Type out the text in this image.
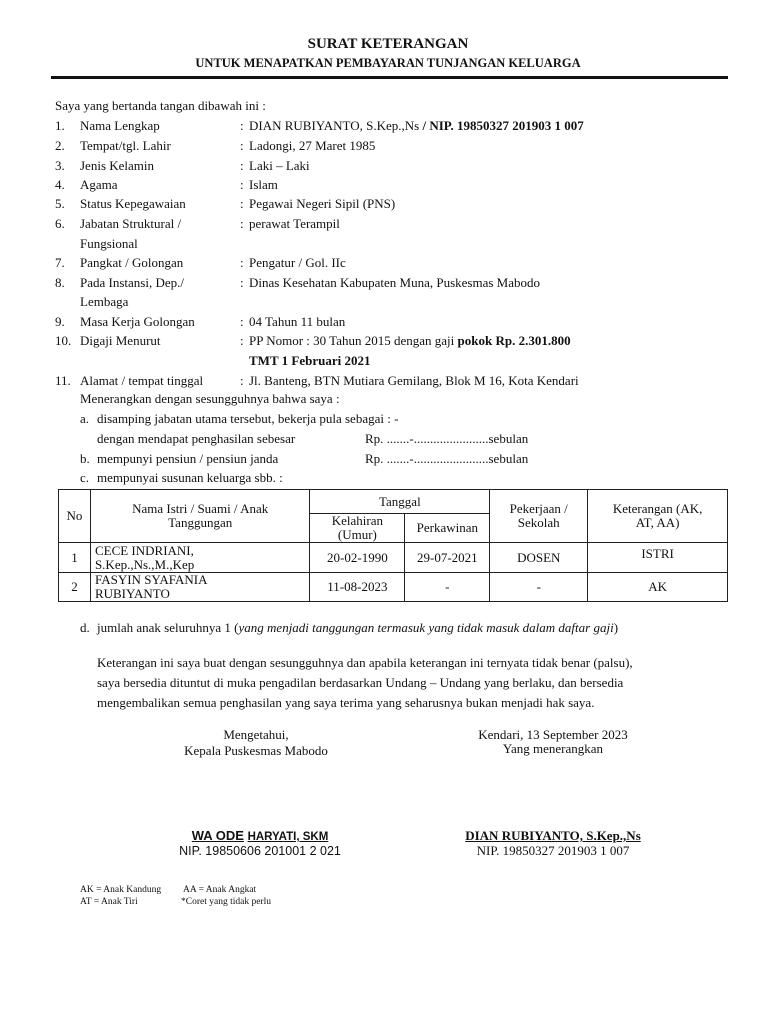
SURAT KETERANGAN
UNTUK MENAPATKAN PEMBAYARAN TUNJANGAN KELUARGA
Saya yang bertanda tangan dibawah ini :
1. Nama Lengkap	: DIAN RUBIYANTO, S.Kep.,Ns / NIP. 19850327 201903 1 007
2. Tempat/tgl. Lahir	: Ladongi, 27 Maret 1985
3. Jenis Kelamin	: Laki – Laki
4. Agama	: Islam
5. Status Kepegawaian	: Pegawai Negeri Sipil (PNS)
6. Jabatan Struktural /
Fungsional
: perawat Terampil
7. Pangkat / Golongan	: Pengatur / Gol. IIc
8. Pada Instansi, Dep./
Lembaga
: Dinas Kesehatan Kabupaten Muna, Puskesmas Mabodo
9. Masa Kerja Golongan	: 04 Tahun 11 bulan
10. Digaji Menurut	: PP Nomor : 30 Tahun 2015 dengan gaji pokok Rp. 2.301.800
TMT 1 Februari 2021
11. Alamat / tempat tinggal	: Jl. Banteng, BTN Mutiara Gemilang, Blok M 16, Kota Kendari
Menerangkan dengan sesungguhnya bahwa saya :
a. disamping jabatan utama tersebut, bekerja pula sebagai : -
dengan mendapat penghasilan sebesar	Rp. .......-.......................sebulan
b. mempunyi pensiun / pensiun janda	Rp. .......-.......................sebulan
c. mempunyai susunan keluarga sbb. :
No	Nama Istri / Suami / Anak Tanggungan	Tanggal		Pekerjaan / Sekolah	Keterangan (AK, AT, AA)
		Kelahiran (Umur)	Perkawinan		
1	CECE INDRIANI,
S.Kep.,Ns.,M.,Kep	20-02-1990	29-07-2021	DOSEN	ISTRI
2	FASYIN SYAFANIA
RUBIYANTO	11-08-2023	-	-	AK
d. jumlah anak seluruhnya 1 (yang menjadi tanggungan termasuk yang tidak masuk dalam daftar gaji)
Keterangan ini saya buat dengan sesungguhnya dan apabila keterangan ini ternyata tidak benar (palsu),
saya bersedia dituntut di muka pengadilan berdasarkan Undang – Undang yang berlaku, dan bersedia
mengembalikan semua penghasilan yang saya terima yang seharusnya bukan menjadi hak saya.
Mengetahui,
Kepala Puskesmas Mabodo
Kendari, 13 September 2023
Yang menerangkan
WA ODE HARYATI, SKM
NIP. 19850606 201001 2 021
DIAN RUBIYANTO, S.Kep.,Ns
NIP. 19850327 201903 1 007
AK = Anak Kandung AA = Anak Angkat
AT = Anak Tiri	*Coret yang tidak perlu
